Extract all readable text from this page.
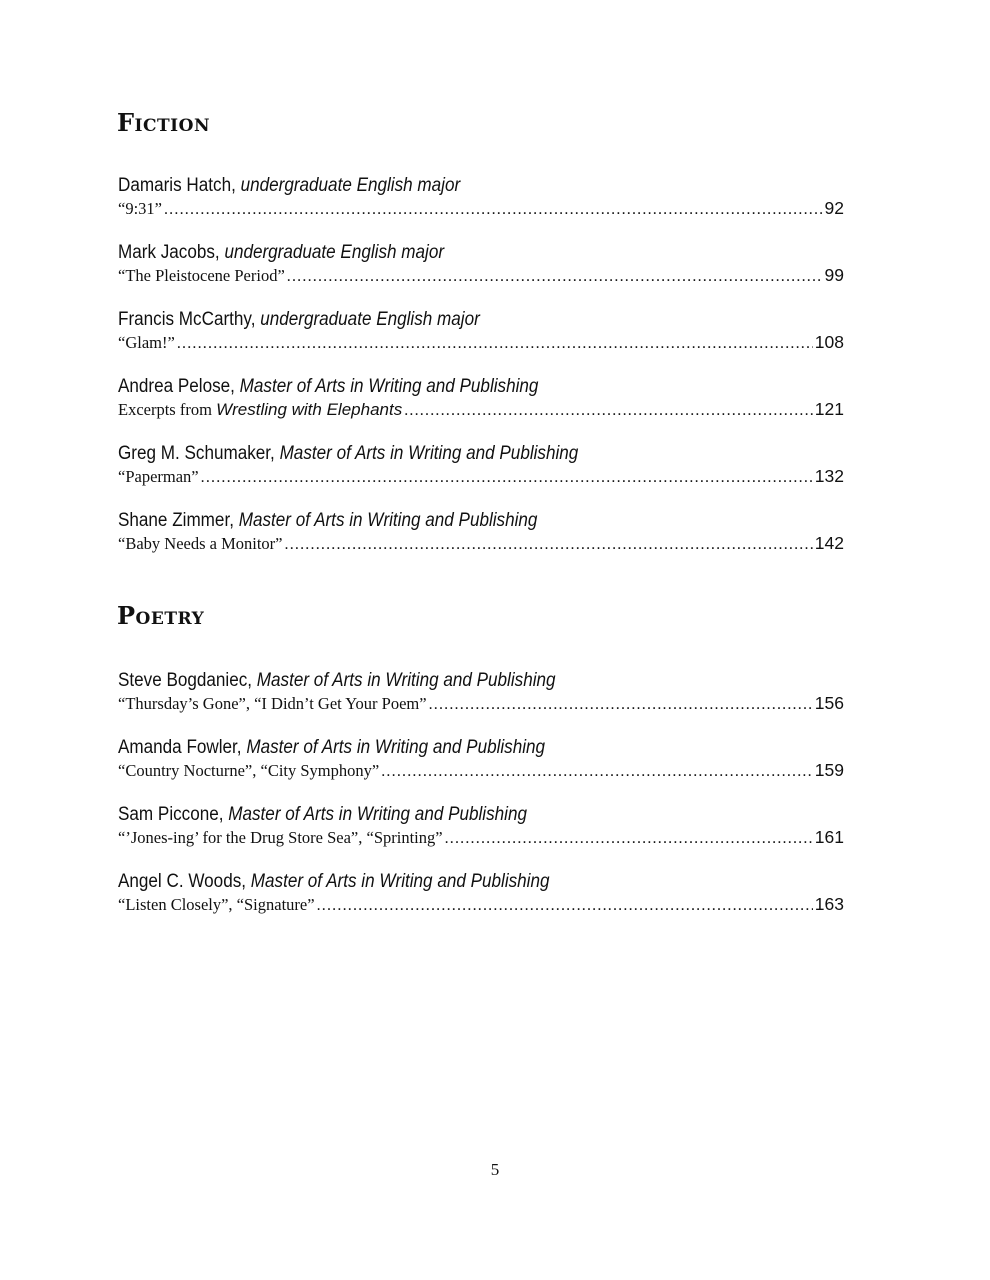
FICTION
Damaris Hatch, undergraduate English major
“9:31” .....	92
Mark Jacobs, undergraduate English major
“The Pleistocene Period” .....	99
Francis McCarthy, undergraduate English major
“Glam!” .....	108
Andrea Pelose, Master of Arts in Writing and Publishing
Excerpts from Wrestling with Elephants .....	121
Greg M. Schumaker, Master of Arts in Writing and Publishing
“Paperman” .....	132
Shane Zimmer, Master of Arts in Writing and Publishing
“Baby Needs a Monitor” .....	142
POETRY
Steve Bogdaniec, Master of Arts in Writing and Publishing
“Thursday’s Gone”, “I Didn’t Get Your Poem” .....	156
Amanda Fowler, Master of Arts in Writing and Publishing
“Country Nocturne”, “City Symphony” .....	159
Sam Piccone, Master of Arts in Writing and Publishing
“’Jones-ing’ for the Drug Store Sea”, “Sprinting” .....	161
Angel C. Woods, Master of Arts in Writing and Publishing
“Listen Closely”, “Signature” .....	163
5
